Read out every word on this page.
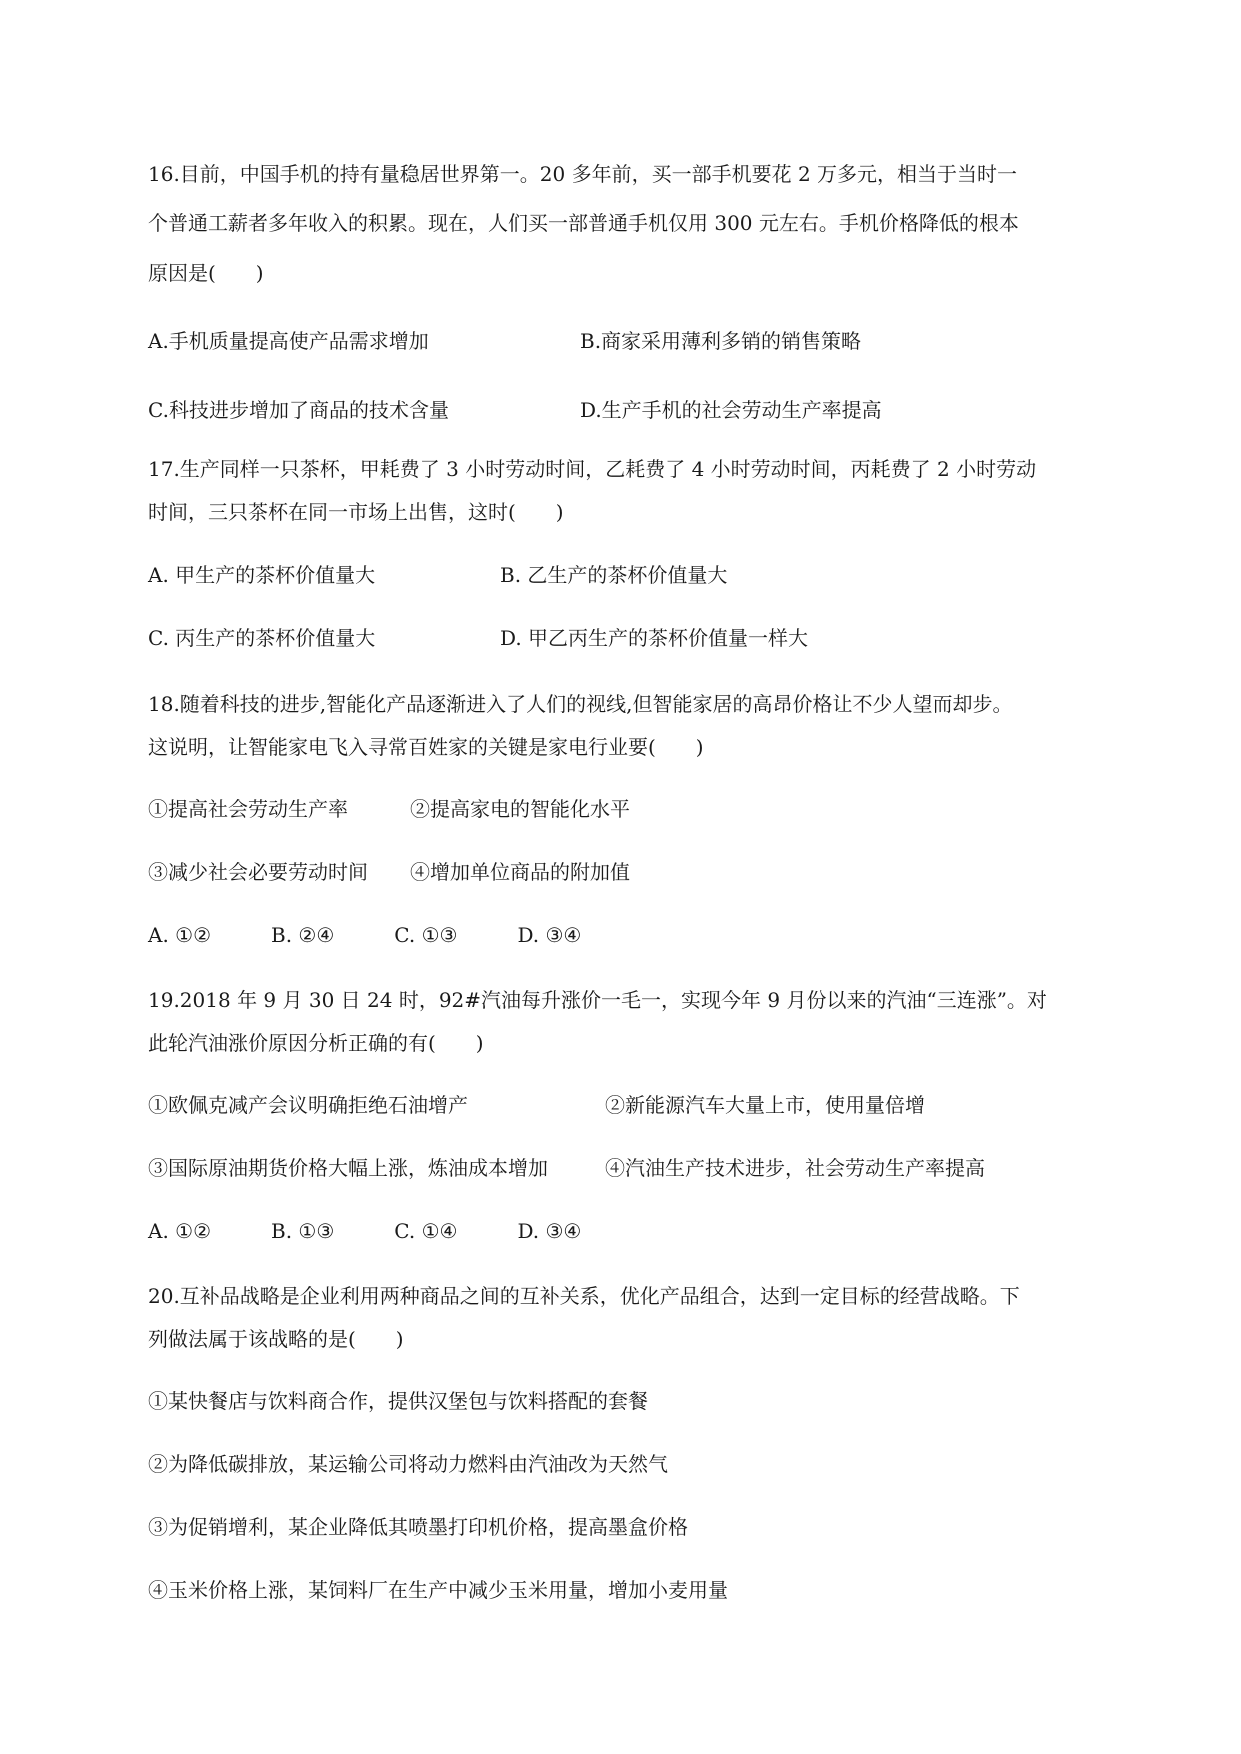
16.目前，中国手机的持有量稳居世界第一。20 多年前，买一部手机要花 2 万多元，相当于当时一
个普通工薪者多年收入的积累。现在，人们买一部普通手机仅用 300 元左右。手机价格降低的根本
原因是(　　)
A.手机质量提高使产品需求增加	B.商家采用薄利多销的销售策略
C.科技进步增加了商品的技术含量	D.生产手机的社会劳动生产率提高
17.生产同样一只茶杯，甲耗费了 3 小时劳动时间，乙耗费了 4 小时劳动时间，丙耗费了 2 小时劳动
时间，三只茶杯在同一市场上出售，这时(　　)
A. 甲生产的茶杯价值量大	B. 乙生产的茶杯价值量大
C. 丙生产的茶杯价值量大	D. 甲乙丙生产的茶杯价值量一样大
18.随着科技的进步,智能化产品逐渐进入了人们的视线,但智能家居的高昂价格让不少人望而却步。
这说明，让智能家电飞入寻常百姓家的关键是家电行业要(　　)
①提高社会劳动生产率	②提高家电的智能化水平
③减少社会必要劳动时间 ④增加单位商品的附加值
A. ①②　　　B. ②④　　　C. ①③　　　D. ③④
19.2018 年 9 月 30 日 24 时，92#汽油每升涨价一毛一，实现今年 9 月份以来的汽油“三连涨”。对
此轮汽油涨价原因分析正确的有(　　)
①欧佩克减产会议明确拒绝石油增产	②新能源汽车大量上市，使用量倍增
③国际原油期货价格大幅上涨，炼油成本增加	④汽油生产技术进步，社会劳动生产率提高
A. ①②　　　B. ①③　　　C. ①④　　　D. ③④
20.互补品战略是企业利用两种商品之间的互补关系，优化产品组合，达到一定目标的经营战略。下
列做法属于该战略的是(　　)
①某快餐店与饮料商合作，提供汉堡包与饮料搭配的套餐
②为降低碳排放，某运输公司将动力燃料由汽油改为天然气
③为促销增利，某企业降低其喷墨打印机价格，提高墨盒价格
④玉米价格上涨，某饲料厂在生产中减少玉米用量，增加小麦用量
